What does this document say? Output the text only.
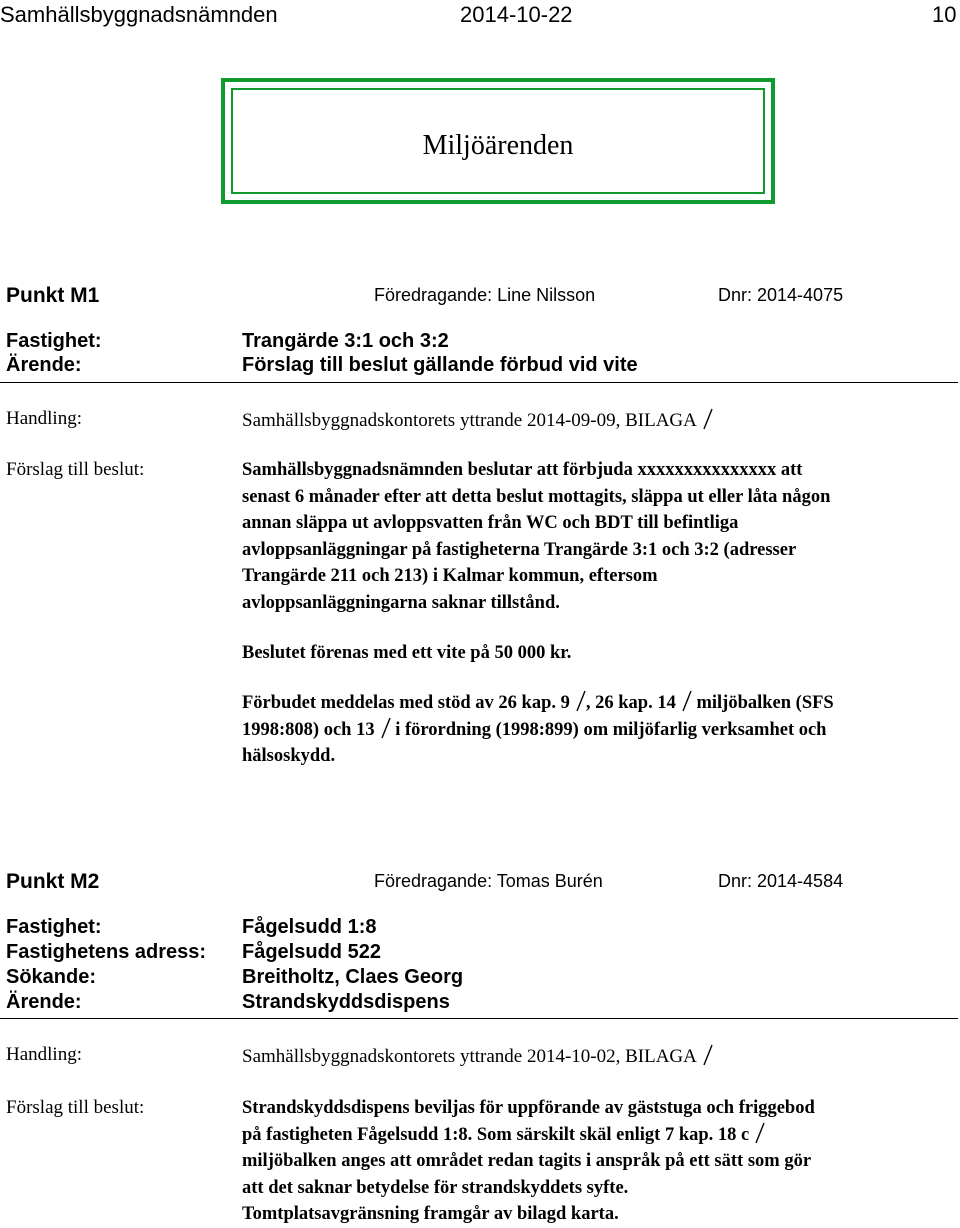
Samhällsbyggnadsnämnden	2014-10-22	10
Miljöärenden
Punkt M1	Föredragande: Line Nilsson	Dnr: 2014-4075
Fastighet:	Trangärde 3:1 och 3:2
Ärende:	Förslag till beslut gällande förbud vid vite
Handling:	Samhällsbyggnadskontorets yttrande 2014-09-09, BILAGA
Förslag till beslut:	Samhällsbyggnadsnämnden beslutar att förbjuda xxxxxxxxxxxxxxx att
senast 6 månader efter att detta beslut mottagits, släppa ut eller låta någon
annan släppa ut avloppsvatten från WC och BDT till befintliga
avloppsanläggningar på fastigheterna Trangärde 3:1 och 3:2 (adresser
Trangärde 211 och 213) i Kalmar kommun, eftersom
avloppsanläggningarna saknar tillstånd.
Beslutet förenas med ett vite på 50 000 kr.
Förbudet meddelas med stöd av 26 kap. 9 , 26 kap. 14 miljöbalken (SFS
1998:808) och 13 i förordning (1998:899) om miljöfarlig verksamhet och
hälsoskydd.
Punkt M2	Föredragande: Tomas Burén	Dnr: 2014-4584
Fastighet:	Fågelsudd 1:8
Fastighetens adress: Fågelsudd 522
Sökande:	Breitholtz, Claes Georg
Ärende:	Strandskyddsdispens
Handling:	Samhällsbyggnadskontorets yttrande 2014-10-02, BILAGA
Förslag till beslut:	Strandskyddsdispens beviljas för uppförande av gäststuga och friggebod
på fastigheten Fågelsudd 1:8. Som särskilt skäl enligt 7 kap. 18 c
miljöbalken anges att området redan tagits i anspråk på ett sätt som gör
att det saknar betydelse för strandskyddets syfte.
Tomtplatsavgränsning framgår av bilagd karta.
